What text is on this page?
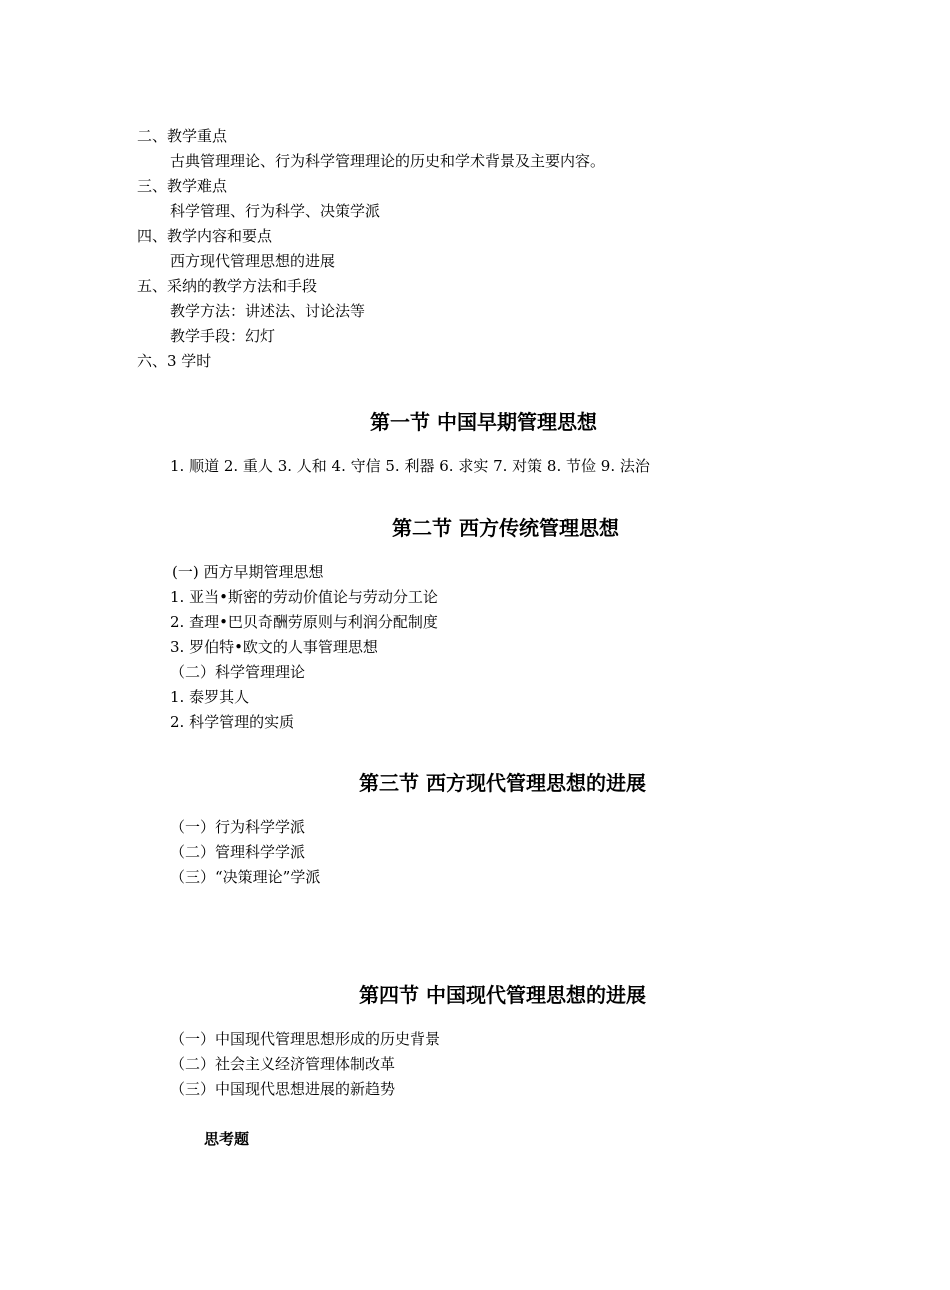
二、教学重点
古典管理理论、行为科学管理理论的历史和学术背景及主要内容。
三、教学难点
科学管理、行为科学、决策学派
四、教学内容和要点
西方现代管理思想的进展
五、采纳的教学方法和手段
教学方法：讲述法、讨论法等
教学手段：幻灯
六、3 学时
第一节 中国早期管理思想
1. 顺道 2. 重人 3. 人和 4. 守信 5. 利器 6. 求实 7. 对策 8. 节俭 9. 法治
第二节 西方传统管理思想
(一) 西方早期管理思想
1. 亚当•斯密的劳动价值论与劳动分工论
2. 查理•巴贝奇酬劳原则与利润分配制度
3. 罗伯特•欧文的人事管理思想
（二）科学管理理论
1. 泰罗其人
2. 科学管理的实质
第三节 西方现代管理思想的进展
（一）行为科学学派
（二）管理科学学派
（三）“决策理论”学派
第四节 中国现代管理思想的进展
（一）中国现代管理思想形成的历史背景
（二）社会主义经济管理体制改革
（三）中国现代思想进展的新趋势
思考题
